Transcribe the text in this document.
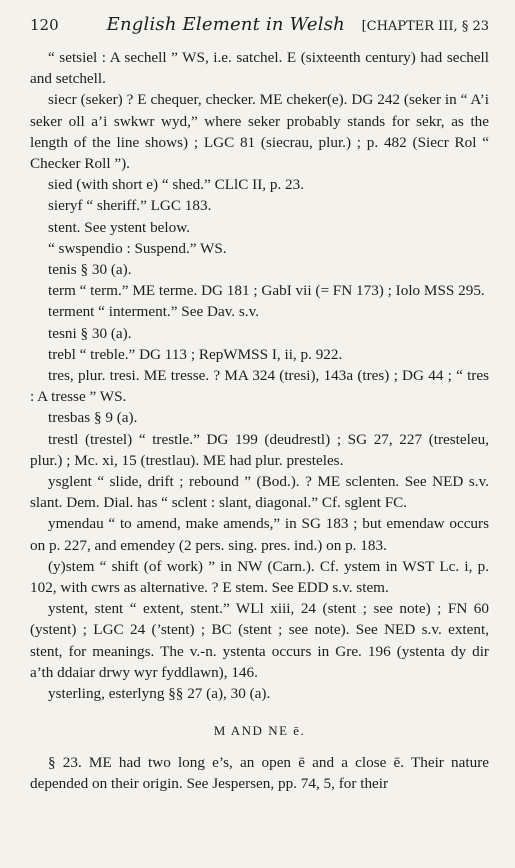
120	English Element in Welsh	[CHAPTER III, § 23

“ setsiel : A sechell ” WS, i.e. satchel. E (sixteenth century) had sechell and setchell.

siecr (seker) ? E chequer, checker. ME cheker(e). DG 242 (seker in “ A’i seker oll a’i swkwr wyd,” where seker probably stands for sekr, as the length of the line shows) ; LGC 81 (siecrau, plur.) ; p. 482 (Siecr Rol “ Checker Roll ”).

sied (with short e) “ shed.” CLlC II, p. 23.

sieryf “ sheriff.” LGC 183.

stent. See ystent below.

“ swspendio : Suspend.” WS.

tenis § 30 (a).

term “ term.” ME terme. DG 181 ; GabI vii (= FN 173) ; Iolo MSS 295.

terment “ interment.” See Dav. s.v.

tesni § 30 (a).

trebl “ treble.” DG 113 ; RepWMSS I, ii, p. 922.

tres, plur. tresi. ME tresse. ? MA 324 (tresi), 143a (tres) ; DG 44 ; “ tres : A tresse ” WS.

tresbas § 9 (a).

trestl (trestel) “ trestle.” DG 199 (deudrestl) ; SG 27, 227 (tresteleu, plur.) ; Mc. xi, 15 (trestlau). ME had plur. presteles.

ysglent “ slide, drift ; rebound ” (Bod.). ? ME sclenten. See NED s.v. slant. Dem. Dial. has “ sclent : slant, diagonal.” Cf. sglent FC.

ymendau “ to amend, make amends,” in SG 183 ; but emendaw occurs on p. 227, and emendey (2 pers. sing. pres. ind.) on p. 183.

(y)stem “ shift (of work) ” in NW (Carn.). Cf. ystem in WST Lc. i, p. 102, with cwrs as alternative. ? E stem. See EDD s.v. stem.

ystent, stent “ extent, stent.” WLl xiii, 24 (stent ; see note) ; FN 60 (ystent) ; LGC 24 (’stent) ; BC (stent ; see note). See NED s.v. extent, stent, for meanings. The v.-n. ystenta occurs in Gre. 196 (ystenta dy dir a’th ddaiar drwy wyr fyddlawn), 146.

ysterling, esterlyng §§ 27 (a), 30 (a).

M AND NE ē.

§ 23. ME had two long e’s, an open ē and a close ē. Their nature depended on their origin. See Jespersen, pp. 74, 5, for their
